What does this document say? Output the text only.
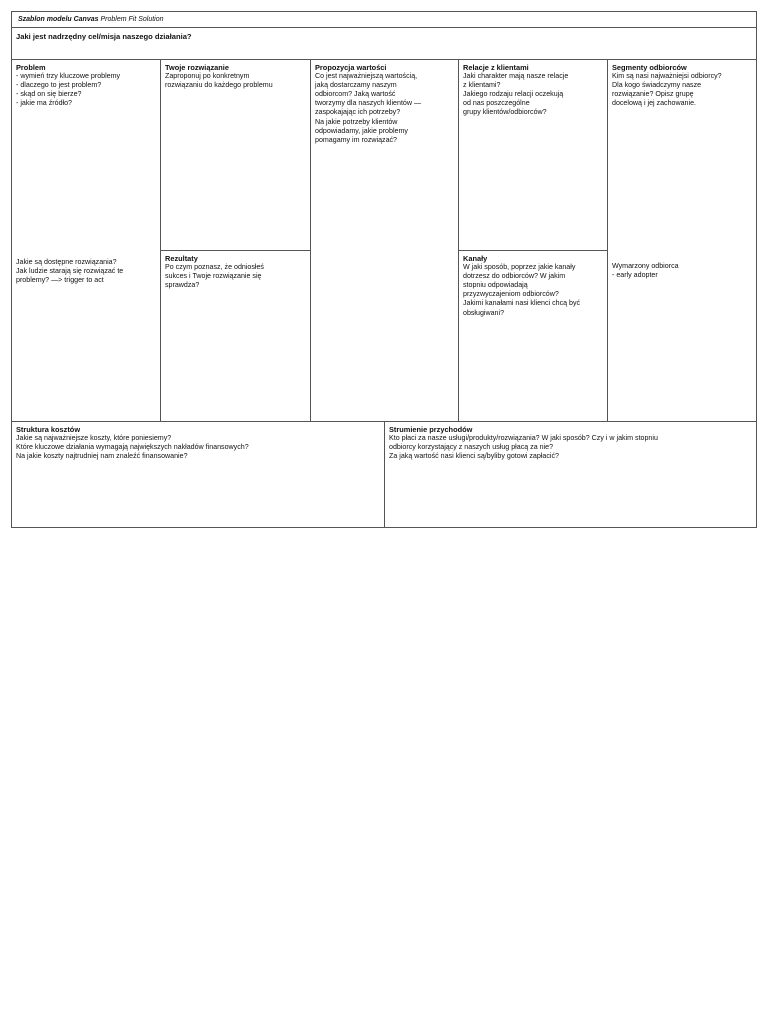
Szablon modelu Canvas Problem Fit Solution
Jaki jest nadrzędny cel/misja naszego działania?
Problem
- wymień trzy kluczowe problemy
- dlaczego to jest problem?
- skąd on się bierze?
- jakie ma źródło?
Jakie są dostępne rozwiązania?
Jak ludzie starają się rozwiązać te
problemy? —> trigger to act
Twoje rozwiązanie
Zaproponuj po konkretnym
rozwiązaniu do każdego problemu
Rezultaty
Po czym poznasz, że odniosłeś
sukces i Twoje rozwiązanie się
sprawdza?
Propozycja wartości
Co jest najważniejszą wartością,
jaką dostarczamy naszym
odbiorcom? Jaką wartość
tworzymy dla naszych klientów —
zaspokajając ich potrzeby?
Na jakie potrzeby klientów
odpowiadamy, jakie problemy
pomagamy im rozwiązać?
Relacje z klientami
Jaki charakter mają nasze relacje
z klientami?
Jakiego rodzaju relacji oczekują
od nas poszczególne
grupy klientów/odbiorców?
Kanały
W jaki sposób, poprzez jakie kanały
dotrzesz do odbiorców? W jakim
stopniu odpowiadają
przyzwyczajeniom odbiorców?
Jakimi kanałami nasi klienci chcą być
obsługiwani?
Segmenty odbiorców
Kim są nasi najważniejsi odbiorcy?
Dla kogo świadczymy nasze
rozwiązanie? Opisz grupę
docelową i jej zachowanie.
Wymarzony odbiorca
- early adopter
Struktura kosztów
Jakie są najważniejsze koszty, które poniesiemy?
Które kluczowe działania wymagają największych nakładów finansowych?
Na jakie koszty najtrudniej nam znaleźć finansowanie?
Strumienie przychodów
Kto płaci za nasze usługi/produkty/rozwiązania? W jaki sposób? Czy i w jakim stopniu
odbiorcy korzystający z naszych usług płacą za nie?
Za jaką wartość nasi klienci są/byliby gotowi zapłacić?
